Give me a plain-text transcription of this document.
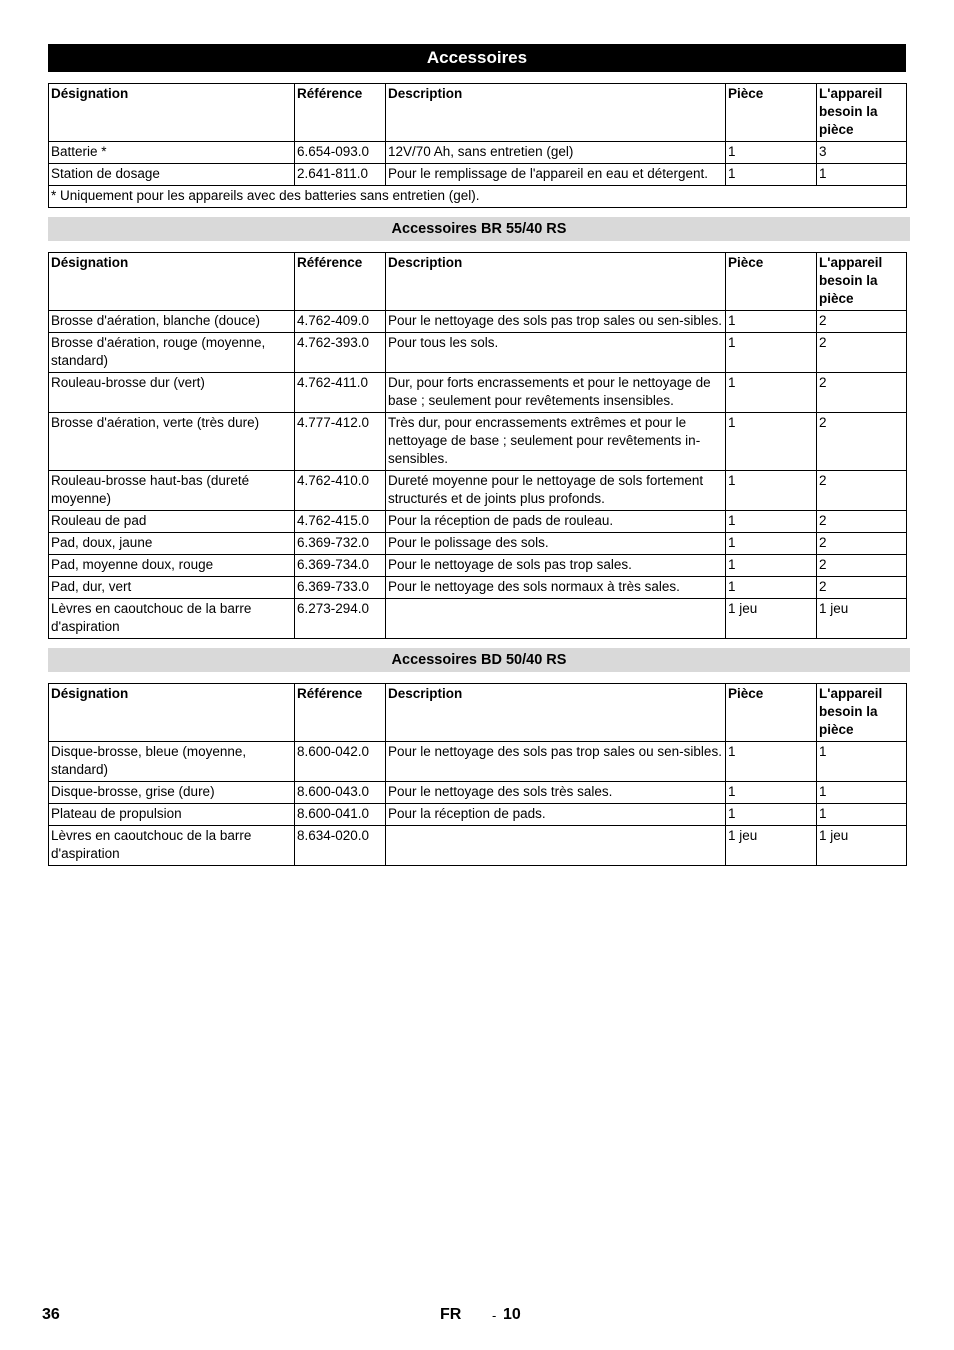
Accessoires
Désignation	Référence	Description	Pièce	L'appareil besoin la pièce
Batterie *	6.654-093.0	12V/70 Ah, sans entretien (gel)	1	3
Station de dosage	2.641-811.0	Pour le remplissage de l'appareil en eau et détergent.	1	1
* Uniquement pour les appareils avec des batteries sans entretien (gel).				
Accessoires BR 55/40 RS
Désignation	Référence	Description	Pièce	L'appareil besoin la pièce
Brosse d'aération, blanche (douce)	4.762-409.0	Pour le nettoyage des sols pas trop sales ou sen-sibles.	1	2
Brosse d'aération, rouge (moyenne, standard)	4.762-393.0	Pour tous les sols.	1	2
Rouleau-brosse dur (vert)	4.762-411.0	Dur, pour forts encrassements et pour le nettoyage de base ; seulement pour revêtements insensibles.	1	2
Brosse d'aération, verte (très dure)	4.777-412.0	Très dur, pour encrassements extrêmes et pour le nettoyage de base ; seulement pour revêtements in-sensibles.	1	2
Rouleau-brosse haut-bas (dureté moyenne)	4.762-410.0	Dureté moyenne pour le nettoyage de sols fortement structurés et de joints plus profonds.	1	2
Rouleau de pad	4.762-415.0	Pour la réception de pads de rouleau.	1	2
Pad, doux, jaune	6.369-732.0	Pour le polissage des sols.	1	2
Pad, moyenne doux, rouge	6.369-734.0	Pour le nettoyage de sols pas trop sales.	1	2
Pad, dur, vert	6.369-733.0	Pour le nettoyage des sols normaux à très sales.	1	2
Lèvres en caoutchouc de la barre d'aspiration	6.273-294.0		1 jeu	1 jeu
Accessoires BD 50/40 RS
Désignation	Référence	Description	Pièce	L'appareil besoin la pièce
Disque-brosse, bleue (moyenne, standard)	8.600-042.0	Pour le nettoyage des sols pas trop sales ou sen-sibles.	1	1
Disque-brosse, grise (dure)	8.600-043.0	Pour le nettoyage des sols très sales.	1	1
Plateau de propulsion	8.600-041.0	Pour la réception de pads.	1	1
Lèvres en caoutchouc de la barre d'aspiration	8.634-020.0		1 jeu	1 jeu
36	FR - 10
